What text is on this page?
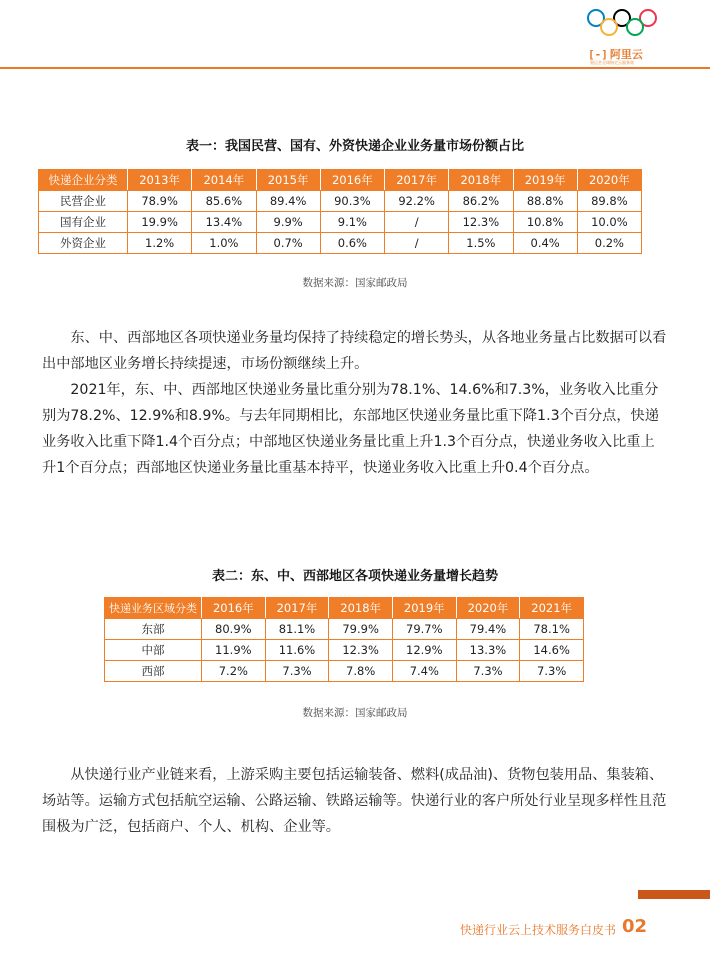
[-] 阿里云
奥运会全球指定云服务商
表一：我国民营、国有、外资快递企业业务量市场份额占比
快递企业分类	2013年	2014年	2015年	2016年	2017年	2018年	2019年	2020年
民营企业	78.9%	85.6%	89.4%	90.3%	92.2%	86.2%	88.8%	89.8%
国有企业	19.9%	13.4%	9.9%	9.1%	/	12.3%	10.8%	10.0%
外资企业	1.2%	1.0%	0.7%	0.6%	/	1.5%	0.4%	0.2%
数据来源：国家邮政局

东、中、西部地区各项快递业务量均保持了持续稳定的增长势头，从各地业务量占比数据可以看出中部地区业务增长持续提速，市场份额继续上升。

2021年，东、中、西部地区快递业务量比重分别为78.1%、14.6%和7.3%，业务收入比重分别为78.2%、12.9%和8.9%。与去年同期相比，东部地区快递业务量比重下降1.3个百分点，快递业务收入比重下降1.4个百分点；中部地区快递业务量比重上升1.3个百分点，快递业务收入比重上升1个百分点；西部地区快递业务量比重基本持平，快递业务收入比重上升0.4个百分点。

表二：东、中、西部地区各项快递业务量增长趋势
快递业务区域分类	2016年	2017年	2018年	2019年	2020年	2021年
东部	80.9%	81.1%	79.9%	79.7%	79.4%	78.1%
中部	11.9%	11.6%	12.3%	12.9%	13.3%	14.6%
西部	7.2%	7.3%	7.8%	7.4%	7.3%	7.3%
数据来源：国家邮政局

从快递行业产业链来看，上游采购主要包括运输装备、燃料(成品油)、货物包装用品、集装箱、场站等。运输方式包括航空运输、公路运输、铁路运输等。快递行业的客户所处行业呈现多样性且范围极为广泛，包括商户、个人、机构、企业等。

快递行业云上技术服务白皮书 02
